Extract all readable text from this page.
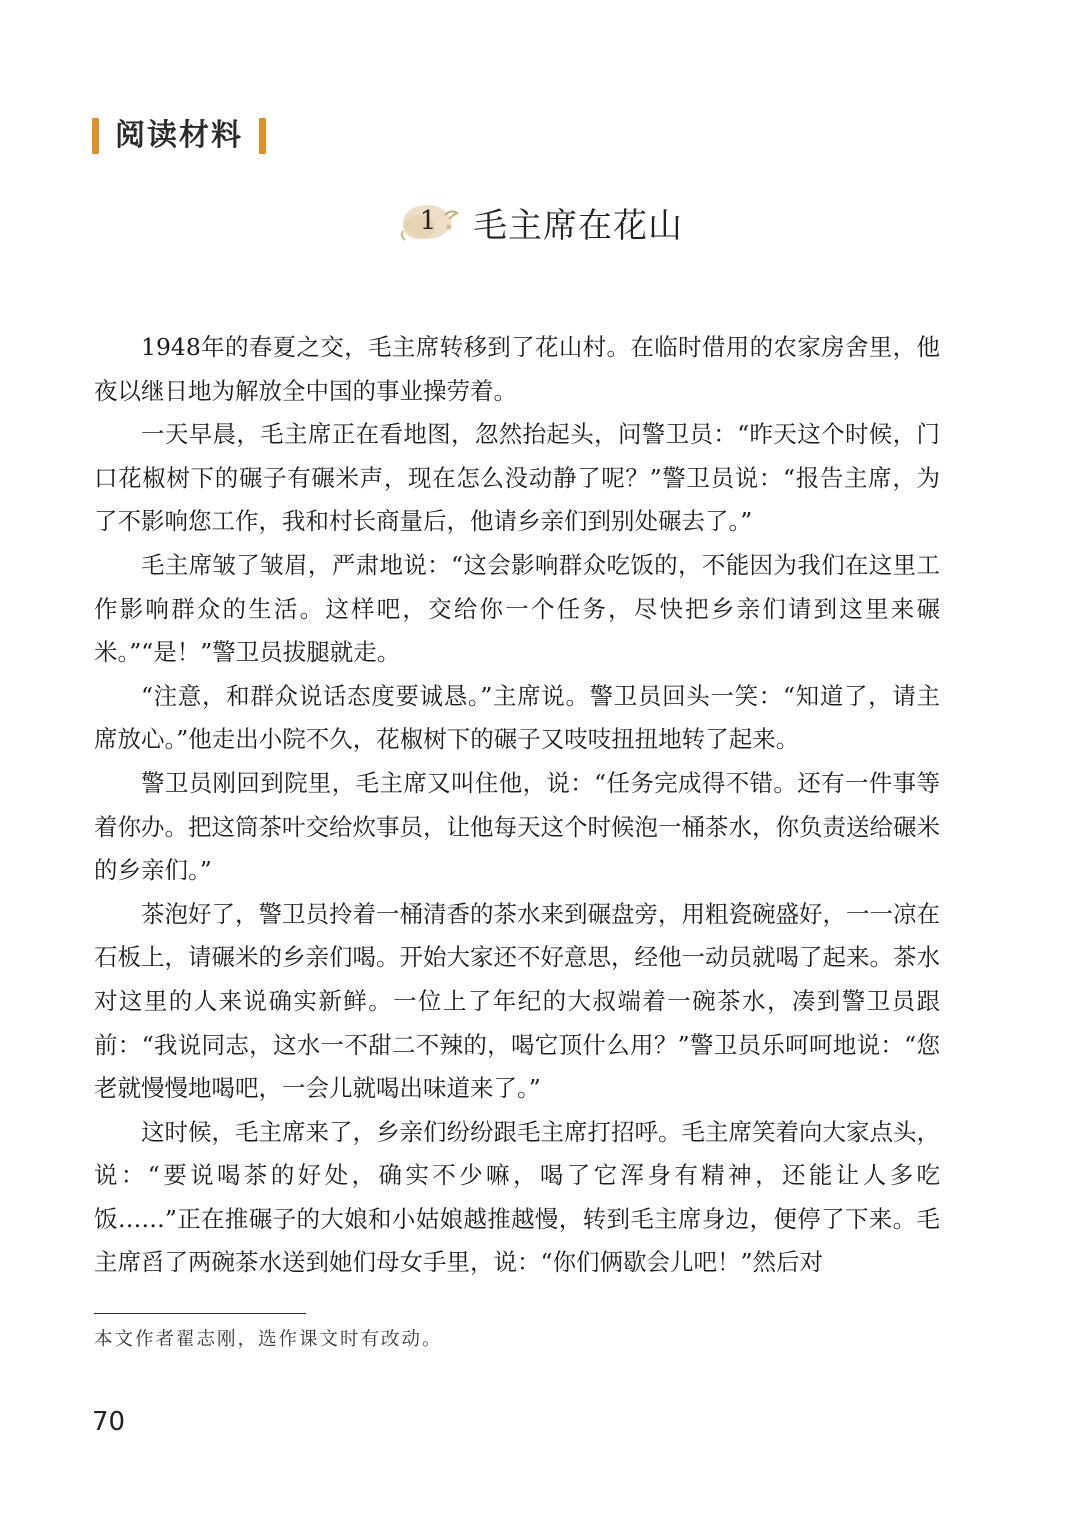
阅读材料
1 毛主席在花山

1948年的春夏之交，毛主席转移到了花山村。在临时借用的农家房舍里，他夜以继日地为解放全中国的事业操劳着。

一天早晨，毛主席正在看地图，忽然抬起头，问警卫员：“昨天这个时候，门口花椒树下的碾子有碾米声，现在怎么没动静了呢？”警卫员说：“报告主席，为了不影响您工作，我和村长商量后，他请乡亲们到别处碾去了。”

毛主席皱了皱眉，严肃地说：“这会影响群众吃饭的，不能因为我们在这里工作影响群众的生活。这样吧，交给你一个任务，尽快把乡亲们请到这里来碾米。”“是！”警卫员拔腿就走。

“注意，和群众说话态度要诚恳。”主席说。警卫员回头一笑：“知道了，请主席放心。”他走出小院不久，花椒树下的碾子又吱吱扭扭地转了起来。

警卫员刚回到院里，毛主席又叫住他，说：“任务完成得不错。还有一件事等着你办。把这筒茶叶交给炊事员，让他每天这个时候泡一桶茶水，你负责送给碾米的乡亲们。”

茶泡好了，警卫员拎着一桶清香的茶水来到碾盘旁，用粗瓷碗盛好，一一凉在石板上，请碾米的乡亲们喝。开始大家还不好意思，经他一动员就喝了起来。茶水对这里的人来说确实新鲜。一位上了年纪的大叔端着一碗茶水，凑到警卫员跟前：“我说同志，这水一不甜二不辣的，喝它顶什么用？”警卫员乐呵呵地说：“您老就慢慢地喝吧，一会儿就喝出味道来了。”

这时候，毛主席来了，乡亲们纷纷跟毛主席打招呼。毛主席笑着向大家点头，说：“要说喝茶的好处，确实不少嘛，喝了它浑身有精神，还能让人多吃饭……”正在推碾子的大娘和小姑娘越推越慢，转到毛主席身边，便停了下来。毛主席舀了两碗茶水送到她们母女手里，说：“你们俩歇会儿吧！”然后对

本文作者翟志刚，选作课文时有改动。
70
